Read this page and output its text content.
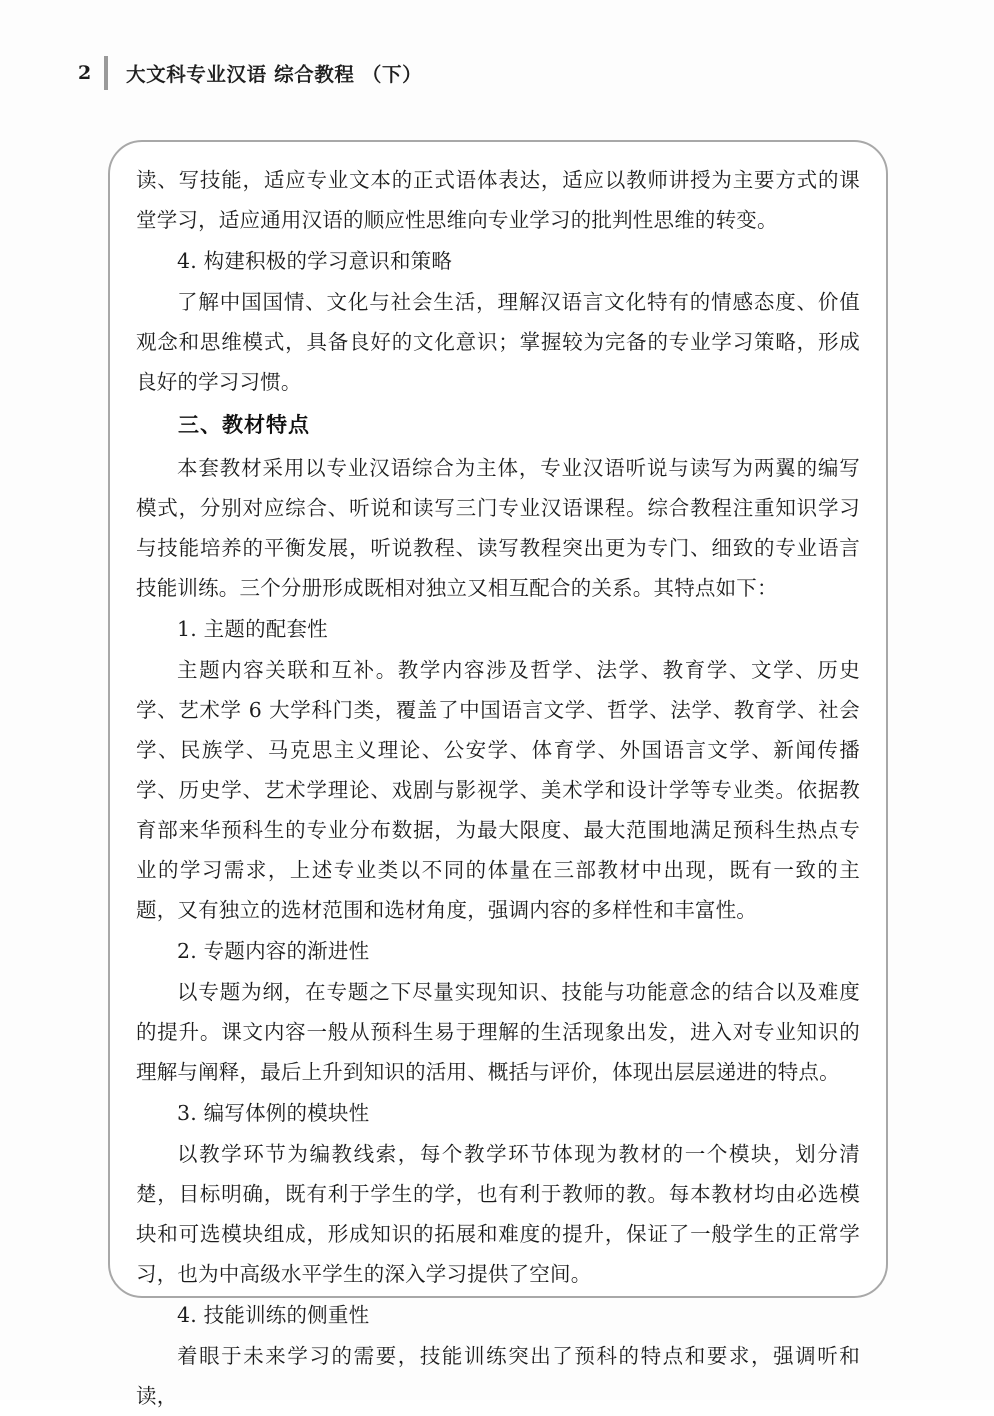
2	大文科专业汉语 综合教程 （下）

读、写技能，适应专业文本的正式语体表达，适应以教师讲授为主要方式的课堂学习，适应通用汉语的顺应性思维向专业学习的批判性思维的转变。

4. 构建积极的学习意识和策略

了解中国国情、文化与社会生活，理解汉语言文化特有的情感态度、价值观念和思维模式，具备良好的文化意识；掌握较为完备的专业学习策略，形成良好的学习习惯。

三、教材特点

本套教材采用以专业汉语综合为主体，专业汉语听说与读写为两翼的编写模式，分别对应综合、听说和读写三门专业汉语课程。综合教程注重知识学习与技能培养的平衡发展，听说教程、读写教程突出更为专门、细致的专业语言技能训练。三个分册形成既相对独立又相互配合的关系。其特点如下：

1. 主题的配套性

主题内容关联和互补。教学内容涉及哲学、法学、教育学、文学、历史学、艺术学 6 大学科门类，覆盖了中国语言文学、哲学、法学、教育学、社会学、民族学、马克思主义理论、公安学、体育学、外国语言文学、新闻传播学、历史学、艺术学理论、戏剧与影视学、美术学和设计学等专业类。依据教育部来华预科生的专业分布数据，为最大限度、最大范围地满足预科生热点专业的学习需求，上述专业类以不同的体量在三部教材中出现，既有一致的主题，又有独立的选材范围和选材角度，强调内容的多样性和丰富性。

2. 专题内容的渐进性

以专题为纲，在专题之下尽量实现知识、技能与功能意念的结合以及难度的提升。课文内容一般从预科生易于理解的生活现象出发，进入对专业知识的理解与阐释，最后上升到知识的活用、概括与评价，体现出层层递进的特点。

3. 编写体例的模块性

以教学环节为编教线索，每个教学环节体现为教材的一个模块，划分清楚，目标明确，既有利于学生的学，也有利于教师的教。每本教材均由必选模块和可选模块组成，形成知识的拓展和难度的提升，保证了一般学生的正常学习，也为中高级水平学生的深入学习提供了空间。

4. 技能训练的侧重性

着眼于未来学习的需要，技能训练突出了预科的特点和要求，强调听和读，
